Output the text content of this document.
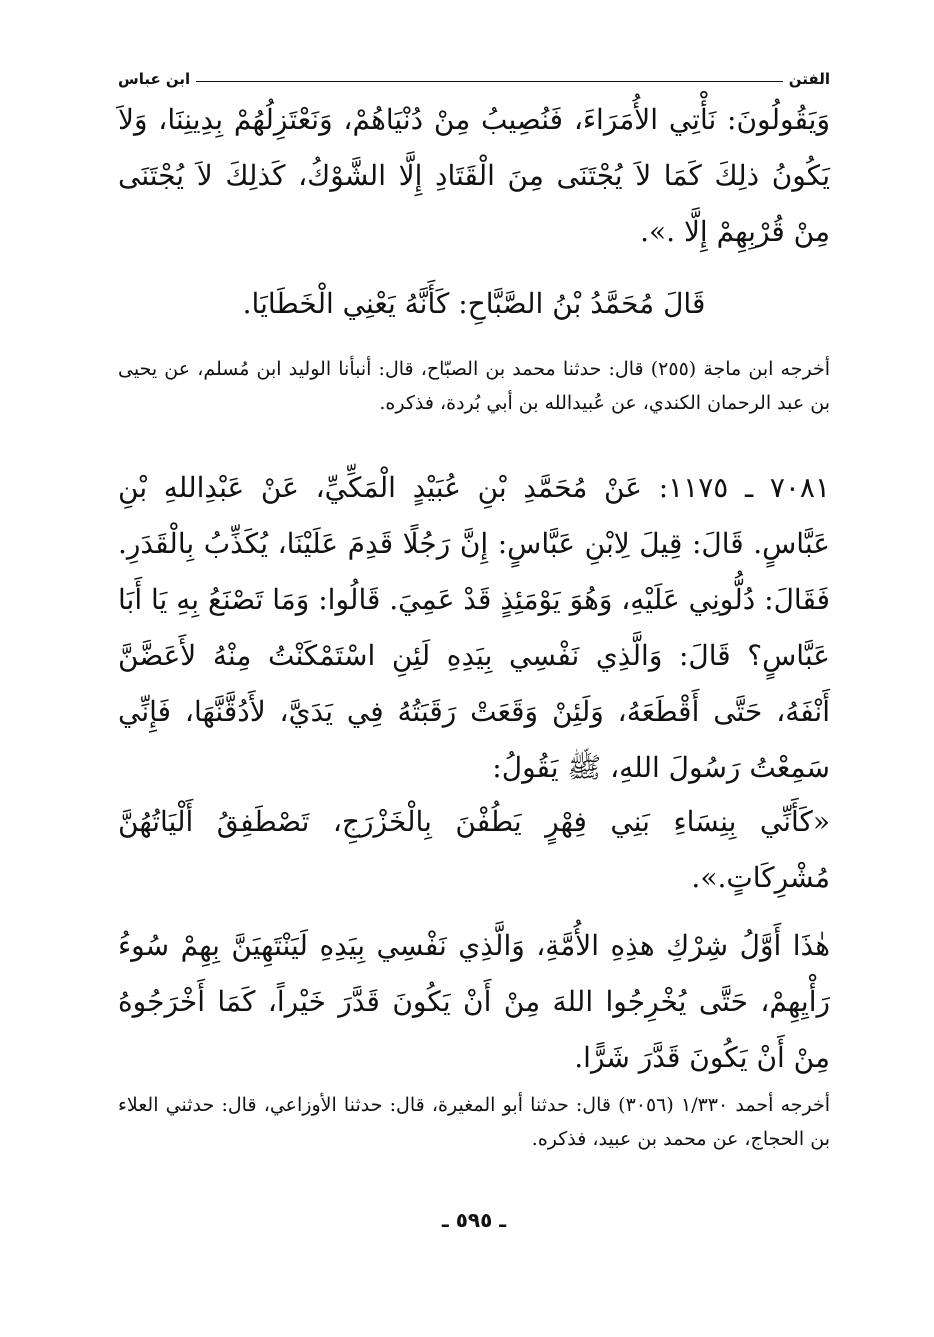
الفتن
ابن عباس

وَيَقُولُونَ: نَأْتِي الأُمَرَاءَ، فَنُصِيبُ مِنْ دُنْيَاهُمْ، وَنَعْتَزِلُهُمْ بِدِينِنَا، وَلاَ يَكُونُ ذلِكَ كَمَا لاَ يُجْتَنَى مِنَ الْقَتَادِ إِلَّا الشَّوْكُ، كَذلِكَ لاَ يُجْتَنَى مِنْ قُرْبِهِمْ إِلَّا .».

قَالَ مُحَمَّدُ بْنُ الصَّبَّاحِ: كَأَنَّهُ يَعْنِي الْخَطَايَا.

أخرجه ابن ماجة (٢٥٥) قال: حدثنا محمد بن الصبّاح، قال: أنبأنا الوليد ابن مُسلم، عن يحيى بن عبد الرحمان الكندي، عن عُبيدالله بن أبي بُردة، فذكره.

٧٠٨١ ـ ١١٧٥: عَنْ مُحَمَّدِ بْنِ عُبَيْدٍ الْمَكِّيِّ، عَنْ عَبْدِاللهِ بْنِ عَبَّاسٍ. قَالَ: قِيلَ لِابْنِ عَبَّاسٍ: إِنَّ رَجُلًا قَدِمَ عَلَيْنَا، يُكَذِّبُ بِالْقَدَرِ. فَقَالَ: دُلُّونِي عَلَيْهِ، وَهُوَ يَوْمَئِذٍ قَدْ عَمِيَ. قَالُوا: وَمَا تَصْنَعُ بِهِ يَا أَبَا عَبَّاسٍ؟ قَالَ: وَالَّذِي نَفْسِي بِيَدِهِ لَئِنِ اسْتَمْكَنْتُ مِنْهُ لأَعَضَّنَّ أَنْفَهُ، حَتَّى أَقْطَعَهُ، وَلَئِنْ وَقَعَتْ رَقَبَتُهُ فِي يَدَيَّ، لأَدُقَّنَّهَا، فَإِنِّي سَمِعْتُ رَسُولَ اللهِ، ﷺ يَقُولُ:

«كَأَنِّي بِنِسَاءِ بَنِي فِهْرٍ يَطُفْنَ بِالْخَزْرَجِ، تَصْطَفِقُ أَلْيَاتُهُنَّ مُشْرِكَاتٍ.».

هٰذَا أَوَّلُ شِرْكِ هذِهِ الأُمَّةِ، وَالَّذِي نَفْسِي بِيَدِهِ لَيَنْتَهِيَنَّ بِهِمْ سُوءُ رَأْيِهِمْ، حَتَّى يُخْرِجُوا اللهَ مِنْ أَنْ يَكُونَ قَدَّرَ خَيْراً، كَمَا أَخْرَجُوهُ مِنْ أَنْ يَكُونَ قَدَّرَ شَرًّا.

أخرجه أحمد ١/٣٣٠ (٣٠٥٦) قال: حدثنا أبو المغيرة، قال: حدثنا الأوزاعي، قال: حدثني العلاء بن الحجاج، عن محمد بن عبيد، فذكره.

ـ ٥٩٥ ـ
